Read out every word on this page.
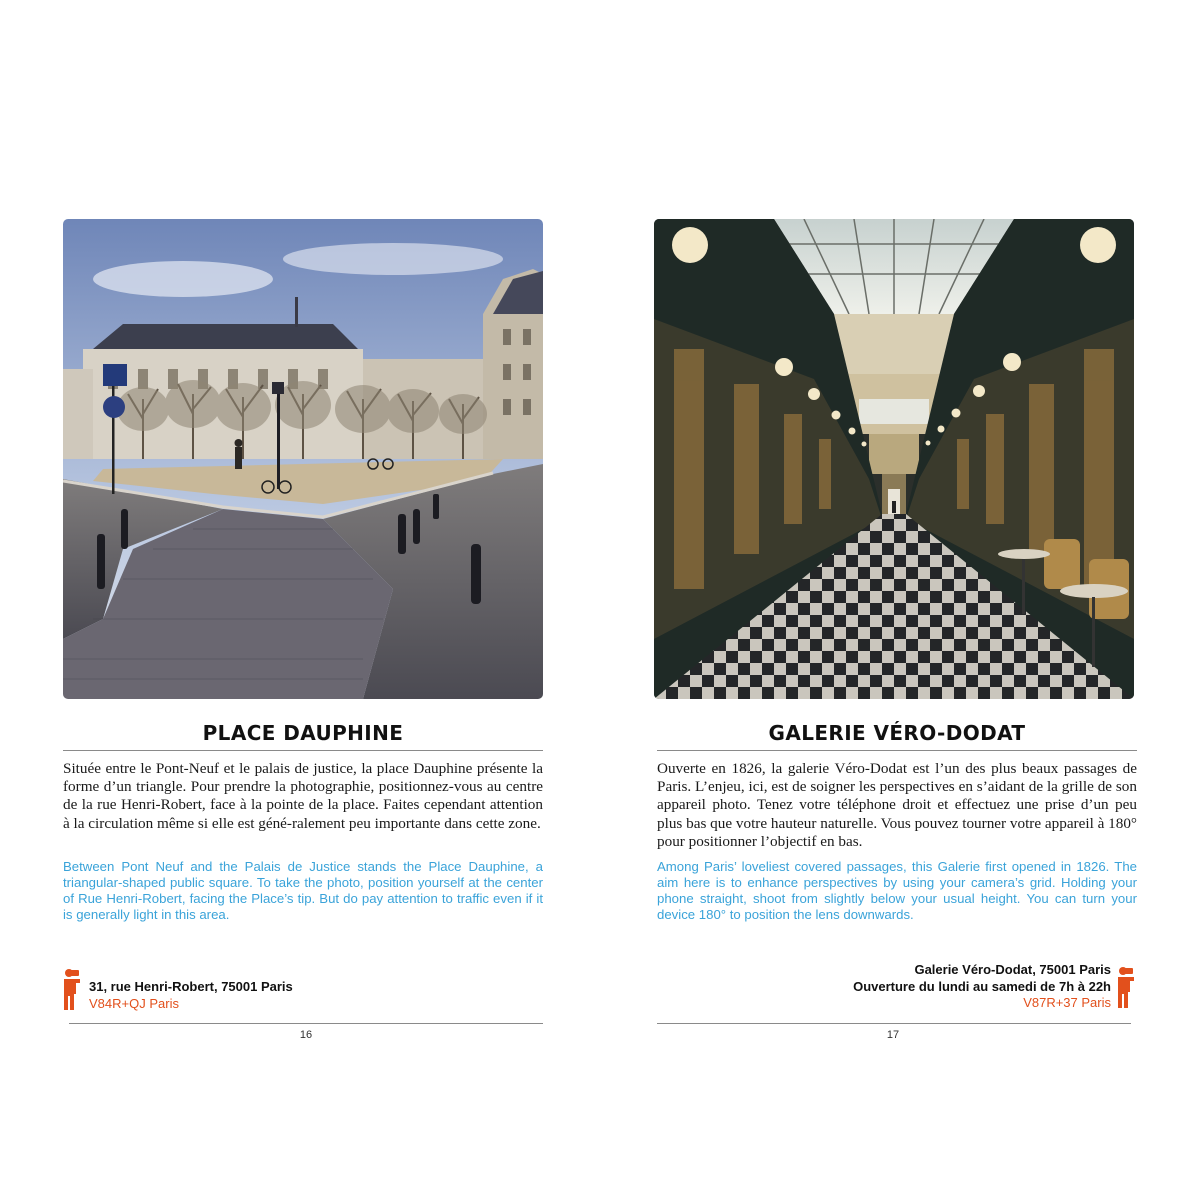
PLACE DAUPHINE
Située entre le Pont-Neuf et le palais de justice, la place Dauphine présente la forme d’un triangle. Pour prendre la photographie, positionnez-vous au centre de la rue Henri-Robert, face à la pointe de la place. Faites cependant attention à la circulation même si elle est géné-ralement peu importante dans cette zone.
Between Pont Neuf and the Palais de Justice stands the Place Dauphine, a triangular-shaped public square. To take the photo, position yourself at the center of Rue Henri-Robert, facing the Place’s tip. But do pay attention to traffic even if it is generally light in this area.
31, rue Henri-Robert, 75001 Paris
V84R+QJ Paris
16
GALERIE VÉRO-DODAT
Ouverte en 1826, la galerie Véro-Dodat est l’un des plus beaux passages de Paris. L’enjeu, ici, est de soigner les perspectives en s’aidant de la grille de son appareil photo. Tenez votre téléphone droit et effectuez une prise d’un peu plus bas que votre hauteur naturelle. Vous pouvez tourner votre appareil à 180° pour positionner l’objectif en bas.
Among Paris’ loveliest covered passages, this Galerie first opened in 1826. The aim here is to enhance perspectives by using your camera’s grid. Holding your phone straight, shoot from slightly below your usual height. You can turn your device 180° to position the lens downwards.
Galerie Véro-Dodat, 75001 Paris
Ouverture du lundi au samedi de 7h à 22h
V87R+37 Paris
17
